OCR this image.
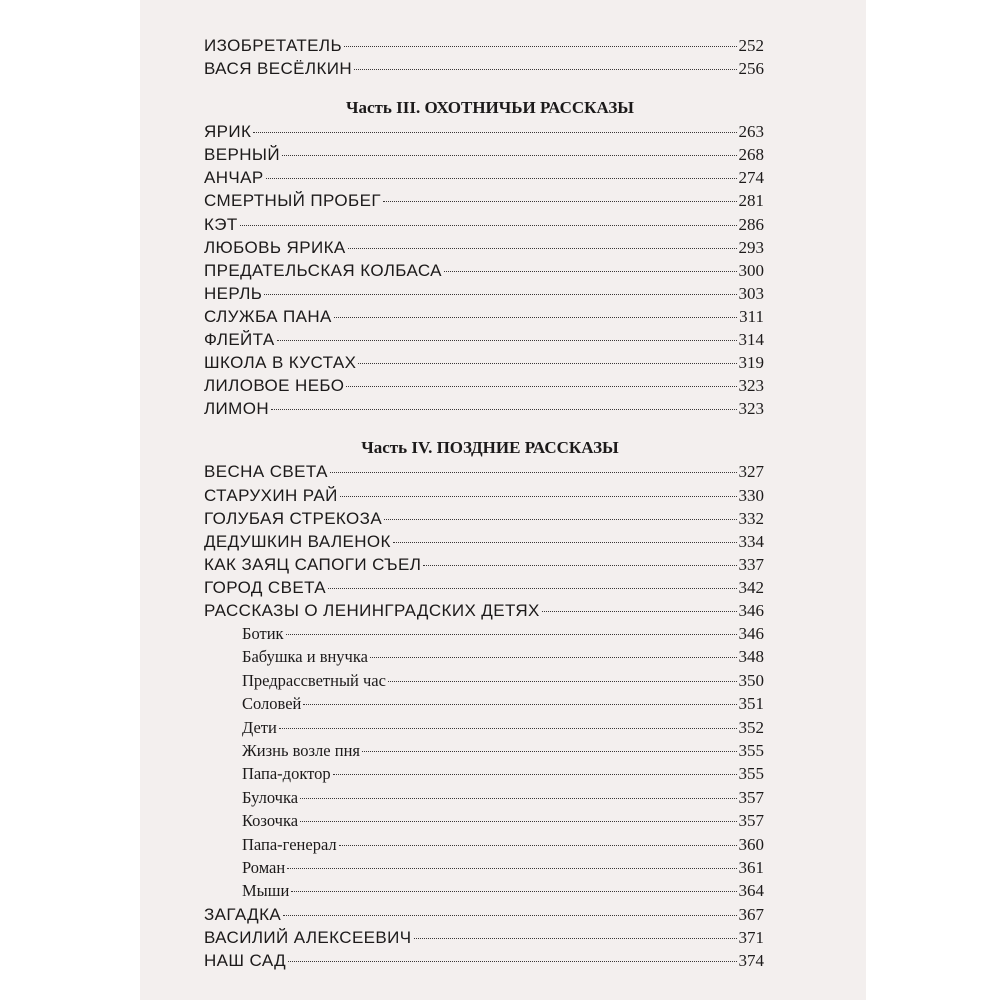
ИЗОБРЕТАТЕЛЬ	252
ВАСЯ ВЕСЁЛКИН	256
Часть III. ОХОТНИЧЬИ РАССКАЗЫ
ЯРИК	263
ВЕРНЫЙ	268
АНЧАР	274
СМЕРТНЫЙ ПРОБЕГ	281
КЭТ	286
ЛЮБОВЬ ЯРИКА	293
ПРЕДАТЕЛЬСКАЯ КОЛБАСА	300
НЕРЛЬ	303
СЛУЖБА ПАНА	311
ФЛЕЙТА	314
ШКОЛА В КУСТАХ	319
ЛИЛОВОЕ НЕБО	323
ЛИМОН	323
Часть IV. ПОЗДНИЕ РАССКАЗЫ
ВЕСНА СВЕТА	327
СТАРУХИН РАЙ	330
ГОЛУБАЯ СТРЕКОЗА	332
ДЕДУШКИН ВАЛЕНОК	334
КАК ЗАЯЦ САПОГИ СЪЕЛ	337
ГОРОД СВЕТА	342
РАССКАЗЫ О ЛЕНИНГРАДСКИХ ДЕТЯХ	346
Ботик	346
Бабушка и внучка	348
Предрассветный час	350
Соловей	351
Дети	352
Жизнь возле пня	355
Папа-доктор	355
Булочка	357
Козочка	357
Папа-генерал	360
Роман	361
Мыши	364
ЗАГАДКА	367
ВАСИЛИЙ АЛЕКСЕЕВИЧ	371
НАШ САД	374
